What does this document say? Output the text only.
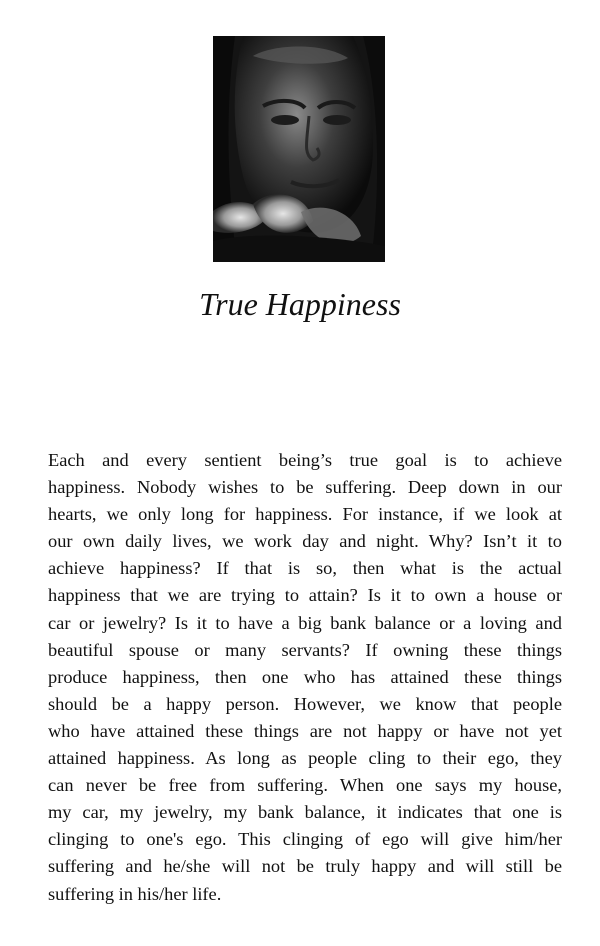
True Happiness
Each and every sentient being’s true goal is to achieve
happiness. Nobody wishes to be suffering. Deep down in our
hearts, we only long for happiness. For instance, if we look at
our own daily lives, we work day and night. Why? Isn’t it to
achieve happiness? If that is so, then what is the actual
happiness that we are trying to attain? Is it to own a house or
car or jewelry? Is it to have a big bank balance or a loving and
beautiful spouse or many servants? If owning these things
produce happiness, then one who has attained these things
should be a happy person. However, we know that people
who have attained these things are not happy or have not yet
attained happiness. As long as people cling to their ego, they
can never be free from suffering. When one says my house,
my car, my jewelry, my bank balance, it indicates that one is
clinging to one's ego. This clinging of ego will give him/her
suffering and he/she will not be truly happy and will still be
suffering in his/her life.
